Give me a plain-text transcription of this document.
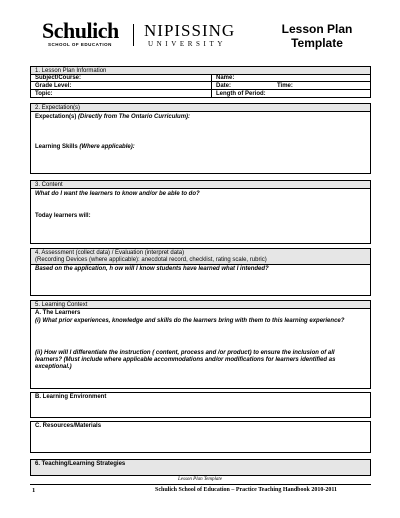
Schulich
SCHOOL OF EDUCATION
NIPISSING
UNIVERSITY
Lesson Plan
Template
1. Lesson Plan Information
Subject/Course:	Name:
Grade Level:	Date:	Time:
Topic:	Length of Period:
2. Expectation(s)
Expectation(s) (Directly from The Ontario Curriculum):
Learning Skills (Where applicable):
3. Content
What do I want the learners to know and/or be able to do?
Today learners will:
4. Assessment (collect data) / Evaluation (interpret data)
(Recording Devices (where applicable): anecdotal record, checklist, rating scale, rubric)
Based on the application, h ow will I know students have learned what I intended?
5. Learning Context
A. The Learners
(i) What prior experiences, knowledge and skills do the learners bring with them to this learning experience?
(ii) How will I differentiate the instruction ( content, process and /or product) to ensure the inclusion of all
learners? (Must include where applicable accommodations and/or modifications for learners identified as
exceptional.)
B. Learning Environment
C. Resources/Materials
6. Teaching/Learning Strategies
Lesson Plan Template
1	Schulich School of Education – Practice Teaching Handbook 2010-2011
